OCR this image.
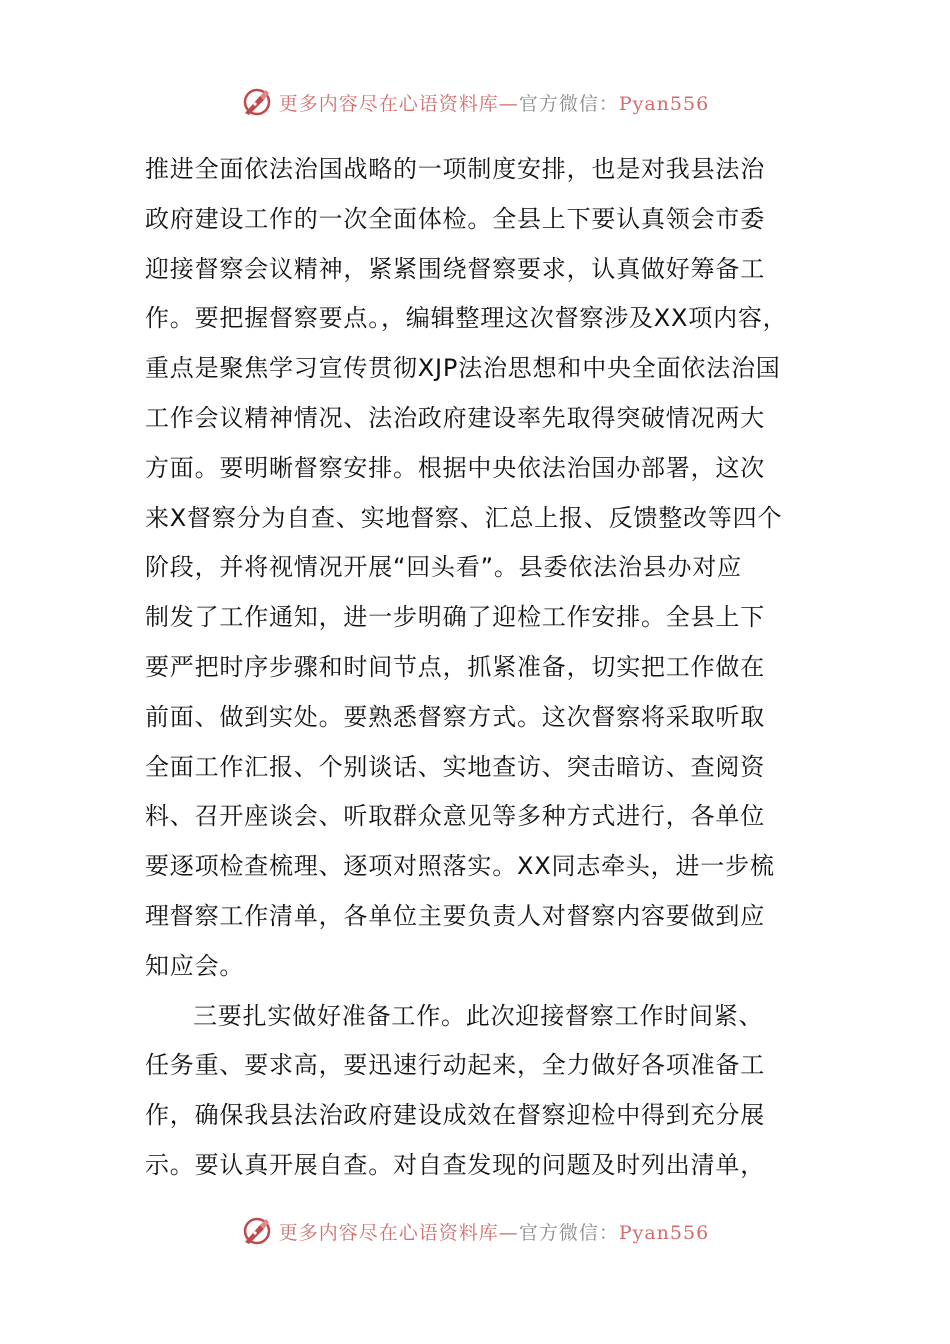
更多内容尽在心语资料库—官方微信：Pyan556

推进全面依法治国战略的一项制度安排，也是对我县法治
政府建设工作的一次全面体检。全县上下要认真领会市委
迎接督察会议精神，紧紧围绕督察要求，认真做好筹备工
作。要把握督察要点。，编辑整理这次督察涉及XX项内容，
重点是聚焦学习宣传贯彻XJP法治思想和中央全面依法治国
工作会议精神情况、法治政府建设率先取得突破情况两大
方面。要明晰督察安排。根据中央依法治国办部署，这次
来X督察分为自查、实地督察、汇总上报、反馈整改等四个
阶段，并将视情况开展“回头看”。县委依法治县办对应
制发了工作通知，进一步明确了迎检工作安排。全县上下
要严把时序步骤和时间节点，抓紧准备，切实把工作做在
前面、做到实处。要熟悉督察方式。这次督察将采取听取
全面工作汇报、个别谈话、实地查访、突击暗访、查阅资
料、召开座谈会、听取群众意见等多种方式进行，各单位
要逐项检查梳理、逐项对照落实。XX同志牵头，进一步梳
理督察工作清单，各单位主要负责人对督察内容要做到应
知应会。

三要扎实做好准备工作。此次迎接督察工作时间紧、
任务重、要求高，要迅速行动起来，全力做好各项准备工
作，确保我县法治政府建设成效在督察迎检中得到充分展
示。要认真开展自查。对自查发现的问题及时列出清单，

更多内容尽在心语资料库—官方微信：Pyan556
